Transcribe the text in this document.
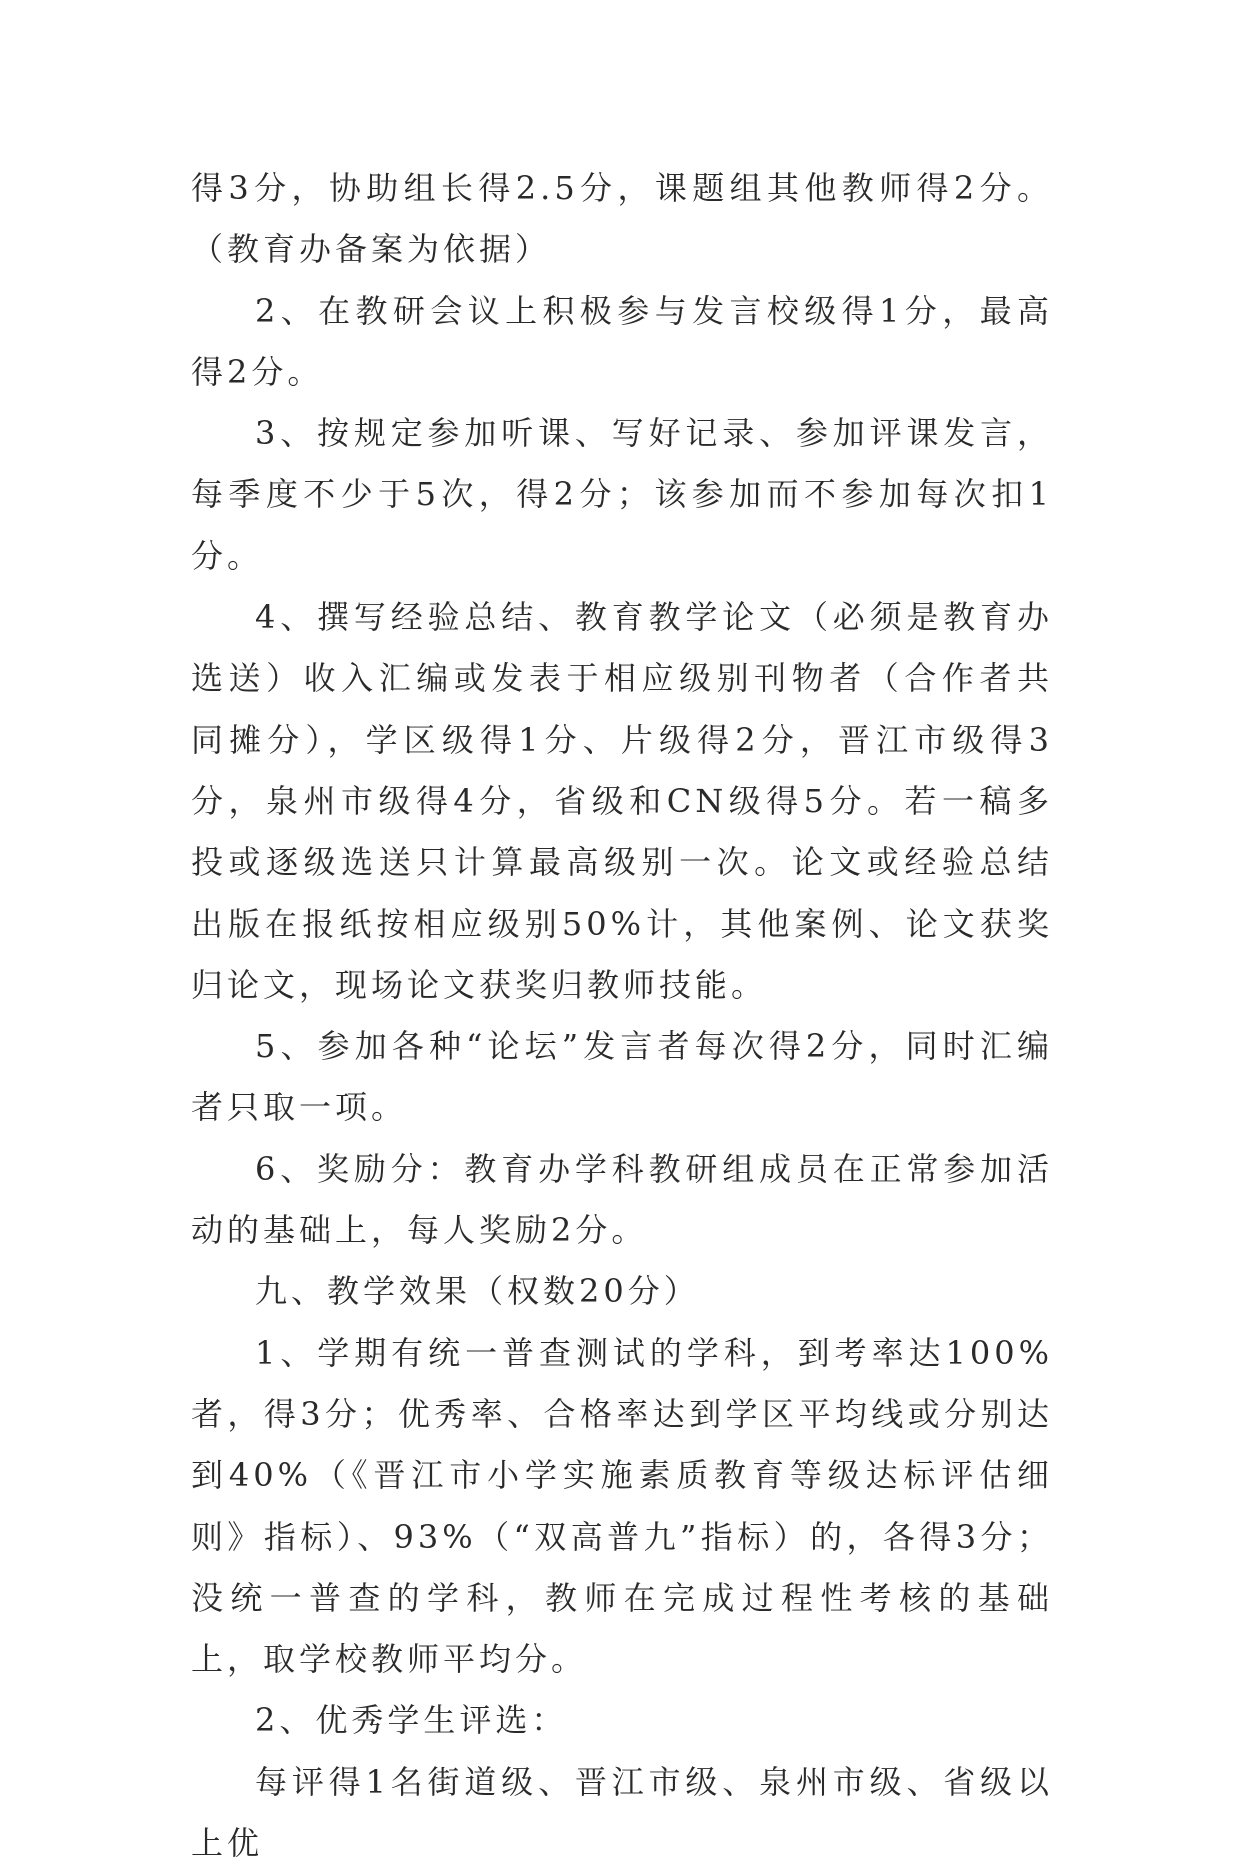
得3分，协助组长得2.5分，课题组其他教师得2分。（教育办备案为依据）

2、在教研会议上积极参与发言校级得1分，最高得2分。

3、按规定参加听课、写好记录、参加评课发言，每季度不少于5次，得2分；该参加而不参加每次扣1分。

4、撰写经验总结、教育教学论文（必须是教育办选送）收入汇编或发表于相应级别刊物者（合作者共同摊分），学区级得1分、片级得2分，晋江市级得3分，泉州市级得4分，省级和CN级得5分。若一稿多投或逐级选送只计算最高级别一次。论文或经验总结出版在报纸按相应级别50%计，其他案例、论文获奖归论文，现场论文获奖归教师技能。

5、参加各种“论坛”发言者每次得2分，同时汇编者只取一项。

6、奖励分：教育办学科教研组成员在正常参加活动的基础上，每人奖励2分。

九、教学效果（权数20分）

1、学期有统一普查测试的学科，到考率达100%者，得3分；优秀率、合格率达到学区平均线或分别达到40%（《晋江市小学实施素质教育等级达标评估细则》指标）、93%（“双高普九”指标）的，各得3分；没统一普查的学科，教师在完成过程性考核的基础上，取学校教师平均分。

2、优秀学生评选：

每评得1名街道级、晋江市级、泉州市级、省级以上优
